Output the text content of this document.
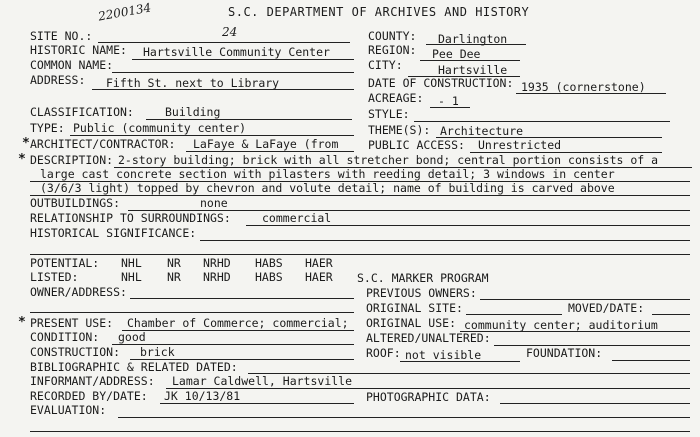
2200134	S.C. DEPARTMENT OF ARCHIVES AND HISTORY
SITE NO.:	24	COUNTY: Darlington
HISTORIC NAME: Hartsville Community Center	REGION: Pee Dee
COMMON NAME:	CITY:	Hartsville
ADDRESS: Fifth St. next to Library	DATE OF CONSTRUCTION: 1935 (cornerstone)
ACREAGE: - 1
CLASSIFICATION:	Building	STYLE:
TYPE: Public (community center)	THEME(S): Architecture
* ARCHITECT/CONTRACTOR: LaFaye & LaFaye (from	PUBLIC ACCESS: Unrestricted
* DESCRIPTION: 2-story building; brick with all stretcher bond; central portion consists of a
large cast concrete section with pilasters with reeding detail; 3 windows in center
(3/6/3 light) topped by chevron and volute detail; name of building is carved above
OUTBUILDINGS:	none
RELATIONSHIP TO SURROUNDINGS:	commercial
HISTORICAL SIGNIFICANCE:
POTENTIAL: NHL NR NRHD HABS HAER
LISTED:	NHL NR NRHD HABS HAER S.C. MARKER PROGRAM
OWNER/ADDRESS:	PREVIOUS OWNERS:
ORIGINAL SITE:	MOVED/DATE:
* PRESENT USE: Chamber of Commerce; commercial; ORIGINAL USE: community center; auditorium
CONDITION: good	ALTERED/UNALTERED:
CONSTRUCTION: brick	ROOF: not visible	FOUNDATION:
BIBLIOGRAPHIC & RELATED DATED:
INFORMANT/ADDRESS: Lamar Caldwell, Hartsville
RECORDED BY/DATE: JK 10/13/81	PHOTOGRAPHIC DATA:
EVALUATION:
